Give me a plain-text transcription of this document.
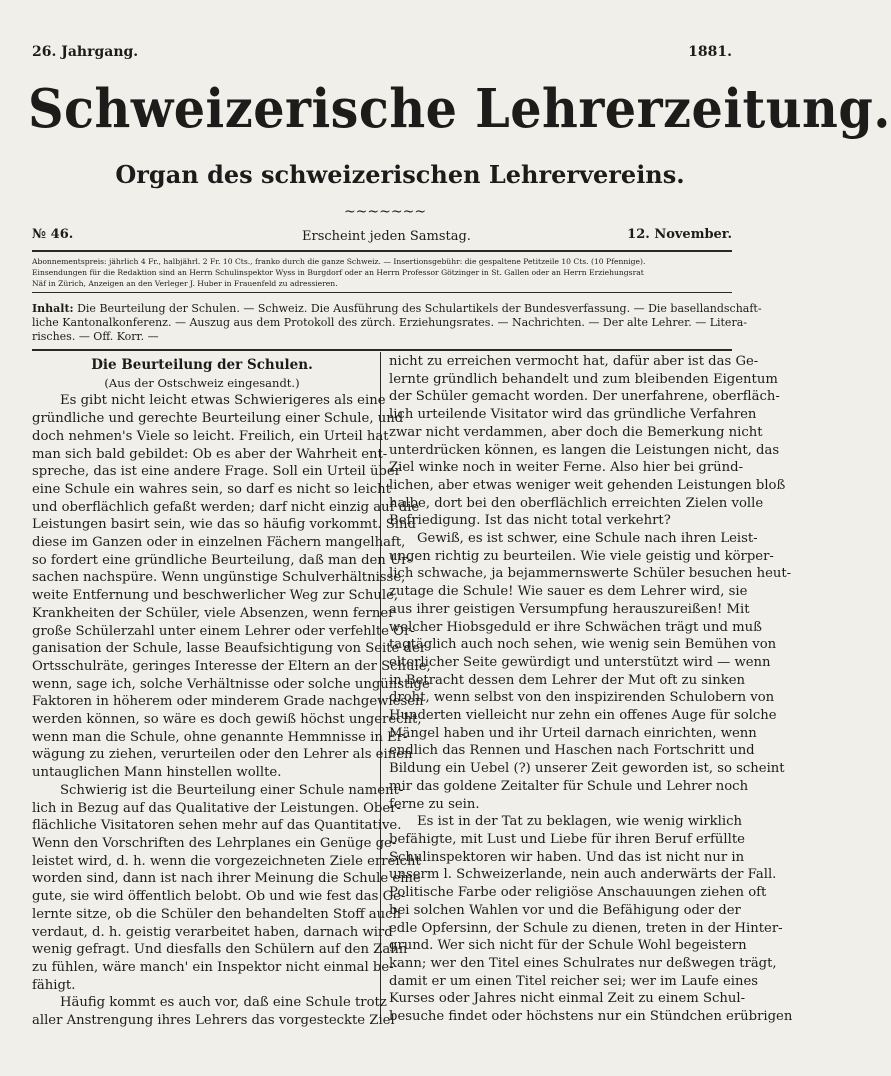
26. Jahrgang.	1881.
Schweizerische Lehrerzeitung.
Organ des schweizerischen Lehrervereins.
~~~~~~~
№ 46.	Erscheint jeden Samstag.	12. November.
Abonnementspreis: jährlich 4 Fr., halbjährl. 2 Fr. 10 Cts., franko durch die ganze Schweiz. — Insertionsgebühr: die gespaltene Petitzeile 10 Cts. (10 Pfennige).
Einsendungen für die Redaktion sind an Herrn Schulinspektor Wyss in Burgdorf oder an Herrn Professor Götzinger in St. Gallen oder an Herrn Erziehungsrat
Näf in Zürich, Anzeigen an den Verleger J. Huber in Frauenfeld zu adressieren.
Inhalt: Die Beurteilung der Schulen. — Schweiz. Die Ausführung des Schulartikels der Bundesverfassung. — Die basellandschaft-
liche Kantonalkonferenz. — Auszug aus dem Protokoll des zürch. Erziehungsrates. — Nachrichten. — Der alte Lehrer. — Litera-
risches. — Off. Korr. —
Die Beurteilung der Schulen.
(Aus der Ostschweiz eingesandt.)
Es gibt nicht leicht etwas Schwierigeres als eine
gründliche und gerechte Beurteilung einer Schule, und
doch nehmen's Viele so leicht. Freilich, ein Urteil hat
man sich bald gebildet: Ob es aber der Wahrheit ent-
spreche, das ist eine andere Frage. Soll ein Urteil über
eine Schule ein wahres sein, so darf es nicht so leicht
und oberflächlich gefaßt werden; darf nicht einzig auf die
Leistungen basirt sein, wie das so häufig vorkommt. Sind
diese im Ganzen oder in einzelnen Fächern mangelhaft,
so fordert eine gründliche Beurteilung, daß man den Ur-
sachen nachspüre. Wenn ungünstige Schulverhältnisse,
weite Entfernung und beschwerlicher Weg zur Schule,
Krankheiten der Schüler, viele Absenzen, wenn ferner
große Schülerzahl unter einem Lehrer oder verfehlte Or-
ganisation der Schule, lasse Beaufsichtigung von Seite der
Ortsschulräte, geringes Interesse der Eltern an der Schule,
wenn, sage ich, solche Verhältnisse oder solche ungünstige
Faktoren in höherem oder minderem Grade nachgewiesen
werden können, so wäre es doch gewiß höchst ungerecht,
wenn man die Schule, ohne genannte Hemmnisse in Er-
wägung zu ziehen, verurteilen oder den Lehrer als einen
untauglichen Mann hinstellen wollte.
Schwierig ist die Beurteilung einer Schule nament-
lich in Bezug auf das Qualitative der Leistungen. Ober-
flächliche Visitatoren sehen mehr auf das Quantitative.
Wenn den Vorschriften des Lehrplanes ein Genüge ge-
leistet wird, d. h. wenn die vorgezeichneten Ziele erreicht
worden sind, dann ist nach ihrer Meinung die Schule eine
gute, sie wird öffentlich belobt. Ob und wie fest das Ge-
lernte sitze, ob die Schüler den behandelten Stoff auch
verdaut, d. h. geistig verarbeitet haben, darnach wird
wenig gefragt. Und diesfalls den Schülern auf den Zahn
zu fühlen, wäre manch' ein Inspektor nicht einmal be-
fähigt.
Häufig kommt es auch vor, daß eine Schule trotz
aller Anstrengung ihres Lehrers das vorgesteckte Ziel
nicht zu erreichen vermocht hat, dafür aber ist das Ge-
lernte gründlich behandelt und zum bleibenden Eigentum
der Schüler gemacht worden. Der unerfahrene, oberfläch-
lich urteilende Visitator wird das gründliche Verfahren
zwar nicht verdammen, aber doch die Bemerkung nicht
unterdrücken können, es langen die Leistungen nicht, das
Ziel winke noch in weiter Ferne. Also hier bei gründ-
lichen, aber etwas weniger weit gehenden Leistungen bloß
halbe, dort bei den oberflächlich erreichten Zielen volle
Befriedigung. Ist das nicht total verkehrt?
Gewiß, es ist schwer, eine Schule nach ihren Leist-
ungen richtig zu beurteilen. Wie viele geistig und körper-
lich schwache, ja bejammernswerte Schüler besuchen heut-
zutage die Schule! Wie sauer es dem Lehrer wird, sie
aus ihrer geistigen Versumpfung herauszureißen! Mit
welcher Hiobsgeduld er ihre Schwächen trägt und muß
tagtäglich auch noch sehen, wie wenig sein Bemühen von
elterlicher Seite gewürdigt und unterstützt wird — wenn
in Betracht dessen dem Lehrer der Mut oft zu sinken
droht, wenn selbst von den inspizirenden Schulobern von
Hunderten vielleicht nur zehn ein offenes Auge für solche
Mängel haben und ihr Urteil darnach einrichten, wenn
endlich das Rennen und Haschen nach Fortschritt und
Bildung ein Uebel (?) unserer Zeit geworden ist, so scheint
mir das goldene Zeitalter für Schule und Lehrer noch
ferne zu sein.
Es ist in der Tat zu beklagen, wie wenig wirklich
befähigte, mit Lust und Liebe für ihren Beruf erfüllte
Schulinspektoren wir haben. Und das ist nicht nur in
unserm l. Schweizerlande, nein auch anderwärts der Fall.
Politische Farbe oder religiöse Anschauungen ziehen oft
bei solchen Wahlen vor und die Befähigung oder der
edle Opfersinn, der Schule zu dienen, treten in der Hinter-
grund. Wer sich nicht für der Schule Wohl begeistern
kann; wer den Titel eines Schulrates nur deßwegen trägt,
damit er um einen Titel reicher sei; wer im Laufe eines
Kurses oder Jahres nicht einmal Zeit zu einem Schul-
besuche findet oder höchstens nur ein Stündchen erübrigen
